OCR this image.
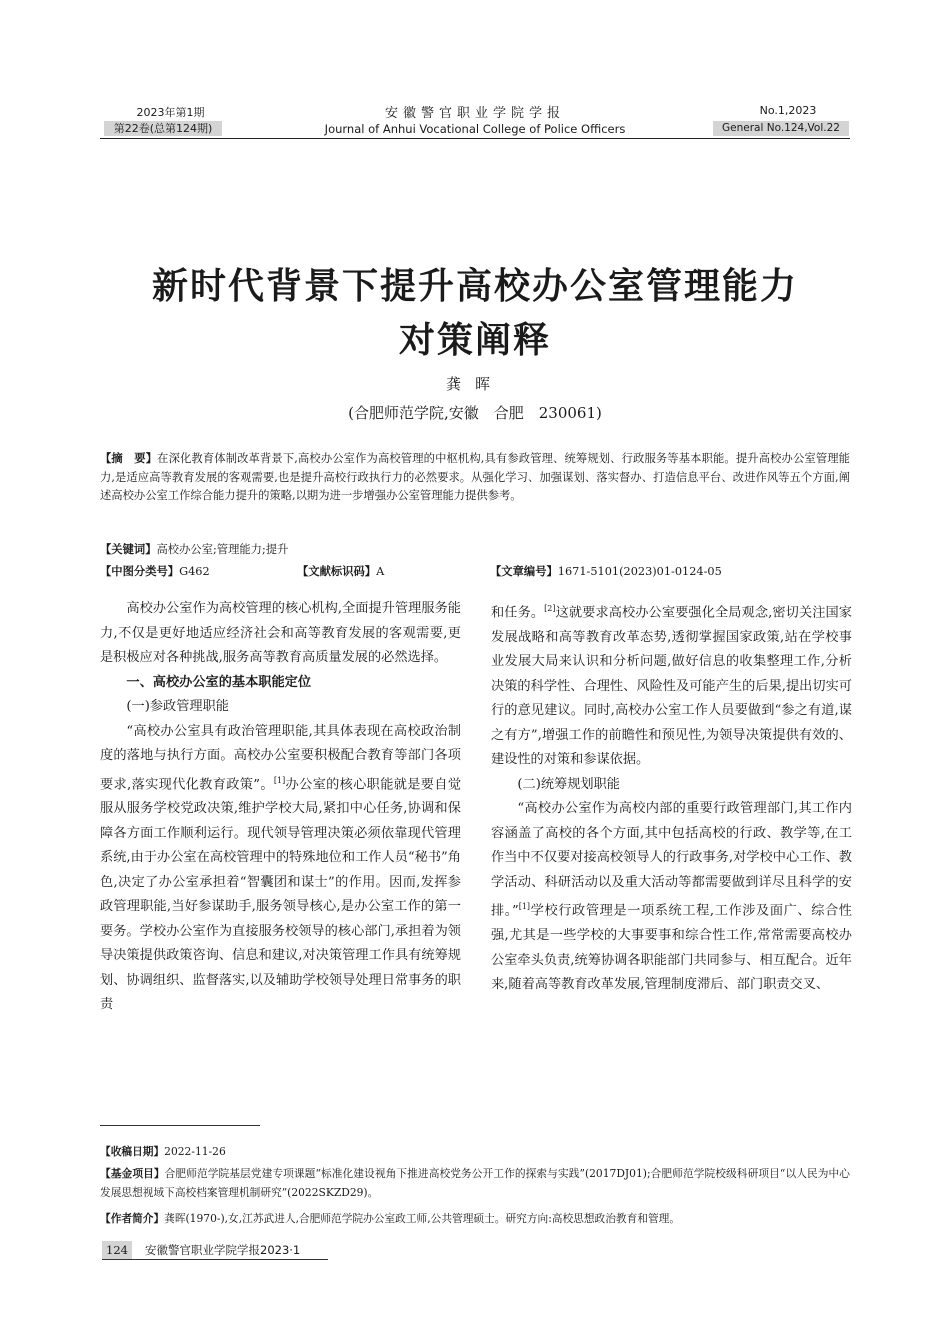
2023年第1期
第22卷(总第124期)
安徽警官职业学院学报
Journal of Anhui Vocational College of Police Officers
No.1,2023
General No.124,Vol.22
新时代背景下提升高校办公室管理能力
对策阐释
龚晖
(合肥师范学院,安徽　合肥　230061)
【摘　要】在深化教育体制改革背景下,高校办公室作为高校管理的中枢机构,具有参政管理、统筹规划、行政服务等基本职能。提升高校办公室管理能力,是适应高等教育发展的客观需要,也是提升高校行政执行力的必然要求。从强化学习、加强谋划、落实督办、打造信息平台、改进作风等五个方面,阐述高校办公室工作综合能力提升的策略,以期为进一步增强办公室管理能力提供参考。
【关键词】高校办公室;管理能力;提升
【中图分类号】G462	【文献标识码】A	【文章编号】1671-5101(2023)01-0124-05

高校办公室作为高校管理的核心机构,全面提升管理服务能力,不仅是更好地适应经济社会和高等教育发展的客观需要,更是积极应对各种挑战,服务高等教育高质量发展的必然选择。

一、高校办公室的基本职能定位
(一)参政管理职能

“高校办公室具有政治管理职能,其具体表现在高校政治制度的落地与执行方面。高校办公室要积极配合教育等部门各项要求,落实现代化教育政策”。[1]办公室的核心职能就是要自觉服从服务学校党政决策,维护学校大局,紧扣中心任务,协调和保障各方面工作顺利运行。现代领导管理决策必须依靠现代管理系统,由于办公室在高校管理中的特殊地位和工作人员“秘书”角色,决定了办公室承担着“智囊团和谋士”的作用。因而,发挥参政管理职能,当好参谋助手,服务领导核心,是办公室工作的第一要务。学校办公室作为直接服务校领导的核心部门,承担着为领导决策提供政策咨询、信息和建议,对决策管理工作具有统筹规划、协调组织、监督落实,以及辅助学校领导处理日常事务的职责

和任务。[2]这就要求高校办公室要强化全局观念,密切关注国家发展战略和高等教育改革态势,透彻掌握国家政策,站在学校事业发展大局来认识和分析问题,做好信息的收集整理工作,分析决策的科学性、合理性、风险性及可能产生的后果,提出切实可行的意见建议。同时,高校办公室工作人员要做到“参之有道,谋之有方”,增强工作的前瞻性和预见性,为领导决策提供有效的、建设性的对策和参谋依据。

(二)统筹规划职能

“高校办公室作为高校内部的重要行政管理部门,其工作内容涵盖了高校的各个方面,其中包括高校的行政、教学等,在工作当中不仅要对接高校领导人的行政事务,对学校中心工作、教学活动、科研活动以及重大活动等都需要做到详尽且科学的安排。”[1]学校行政管理是一项系统工程,工作涉及面广、综合性强,尤其是一些学校的大事要事和综合性工作,常常需要高校办公室牵头负责,统筹协调各职能部门共同参与、相互配合。近年来,随着高等教育改革发展,管理制度滞后、部门职责交叉、

【收稿日期】2022-11-26
【基金项目】合肥师范学院基层党建专项课题“标准化建设视角下推进高校党务公开工作的探索与实践”(2017DJ01);合肥师范学院校级科研项目“以人民为中心发展思想视域下高校档案管理机制研究”(2022SKZD29)。
【作者简介】龚晖(1970-),女,江苏武进人,合肥师范学院办公室政工师,公共管理硕士。研究方向:高校思想政治教育和管理。
124	安徽警官职业学院学报2023·1
